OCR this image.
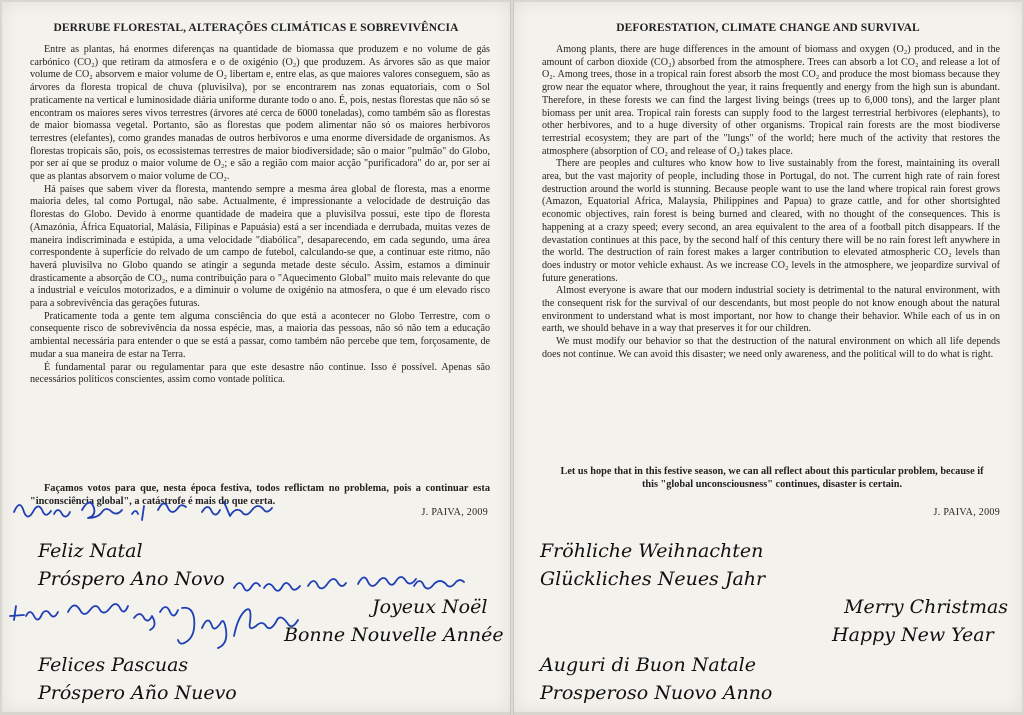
DERRUBE FLORESTAL, ALTERAÇÕES CLIMÁTICAS E SOBREVIVÊNCIA

Entre as plantas, há enormes diferenças na quantidade de biomassa que produzem e no volume de gás carbónico (CO₂) que retiram da atmosfera e o de oxigénio (O₂) que produzem. As árvores são as que maior volume de CO₂ absorvem e maior volume de O₂ libertam e, entre elas, as que maiores valores conseguem, são as árvores da floresta tropical de chuva (pluvisilva), por se encontrarem nas zonas equatoriais, com o Sol praticamente na vertical e luminosidade diária uniforme durante todo o ano. É, pois, nestas florestas que não só se encontram os maiores seres vivos terrestres (árvores até cerca de 6000 toneladas), como também são as florestas de maior biomassa vegetal. Portanto, são as florestas que podem alimentar não só os maiores herbívoros terrestres (elefantes), como grandes manadas de outros herbívoros e uma enorme diversidade de organismos. As florestas tropicais são, pois, os ecossistemas terrestres de maior biodiversidade; são o maior "pulmão" do Globo, por ser aí que se produz o maior volume de O₂; e são a região com maior acção "purificadora" do ar, por ser aí que as plantas absorvem o maior volume de CO₂.

Há países que sabem viver da floresta, mantendo sempre a mesma área global de floresta, mas a enorme maioria deles, tal como Portugal, não sabe. Actualmente, é impressionante a velocidade de destruição das florestas do Globo. Devido à enorme quantidade de madeira que a pluvisilva possui, este tipo de floresta (Amazónia, África Equatorial, Malásia, Filipinas e Papuásia) está a ser incendiada e derrubada, muitas vezes de maneira indiscriminada e estúpida, a uma velocidade "diabólica", desaparecendo, em cada segundo, uma área correspondente à superfície do relvado de um campo de futebol, calculando-se que, a continuar este ritmo, não haverá pluvisilva no Globo quando se atingir a segunda metade deste século. Assim, estamos a diminuir drasticamente a absorção de CO₂, numa contribuição para o "Aquecimento Global" muito mais relevante do que a industrial e veículos motorizados, e a diminuir o volume de oxigénio na atmosfera, o que é um elevado risco para a sobrevivência das gerações futuras.

Praticamente toda a gente tem alguma consciência do que está a acontecer no Globo Terrestre, com o consequente risco de sobrevivência da nossa espécie, mas, a maioria das pessoas, não só não tem a educação ambiental necessária para entender o que se está a passar, como também não percebe que tem, forçosamente, de mudar a sua maneira de estar na Terra.

É fundamental parar ou regulamentar para que este desastre não continue. Isso é possível. Apenas são necessários políticos conscientes, assim como vontade política.

Façamos votos para que, nesta época festiva, todos reflictam no problema, pois a continuar esta "inconsciência global", a catástrofe é mais do que certa.
J. PAIVA, 2009
Feliz Natal
Próspero Ano Novo
Joyeux Noël
Bonne Nouvelle Année
Felices Pascuas
Próspero Año Nuevo
DEFORESTATION, CLIMATE CHANGE AND SURVIVAL

Among plants, there are huge differences in the amount of biomass and oxygen (O₂) produced, and in the amount of carbon dioxide (CO₂) absorbed from the atmosphere. Trees can absorb a lot CO₂ and release a lot of O₂. Among trees, those in a tropical rain forest absorb the most CO₂ and produce the most biomass because they grow near the equator where, throughout the year, it rains frequently and energy from the high sun is abundant. Therefore, in these forests we can find the largest living beings (trees up to 6,000 tons), and the larger plant biomass per unit area. Tropical rain forests can supply food to the largest terrestrial herbivores (elephants), to other herbivores, and to a huge diversity of other organisms. Tropical rain forests are the most biodiverse terrestrial ecosystem; they are part of the "lungs" of the world; here much of the activity that restores the atmosphere (absorption of CO₂ and release of O₂) takes place.

There are peoples and cultures who know how to live sustainably from the forest, maintaining its overall area, but the vast majority of people, including those in Portugal, do not. The current high rate of rain forest destruction around the world is stunning. Because people want to use the land where tropical rain forest grows (Amazon, Equatorial Africa, Malaysia, Philippines and Papua) to graze cattle, and for other shortsighted economic objectives, rain forest is being burned and cleared, with no thought of the consequences. This is happening at a crazy speed; every second, an area equivalent to the area of a football pitch disappears. If the devastation continues at this pace, by the second half of this century there will be no rain forest left anywhere in the world. The destruction of rain forest makes a larger contribution to elevated atmospheric CO₂ levels than does industry or motor vehicle exhaust. As we increase CO₂ levels in the atmosphere, we jeopardize survival of future generations.

Almost everyone is aware that our modern industrial society is detrimental to the natural environment, with the consequent risk for the survival of our descendants, but most people do not know enough about the natural environment to understand what is most important, nor how to change their behavior. While each of us in on earth, we should behave in a way that preserves it for our children.

We must modify our behavior so that the destruction of the natural environment on which all life depends does not continue. We can avoid this disaster; we need only awareness, and the political will to do what is right.

Let us hope that in this festive season, we can all reflect about this particular problem, because if this "global unconsciousness" continues, disaster is certain.
J. PAIVA, 2009
Fröhliche Weihnachten
Glückliches Neues Jahr
Merry Christmas
Happy New Year
Auguri di Buon Natale
Prosperoso Nuovo Anno
